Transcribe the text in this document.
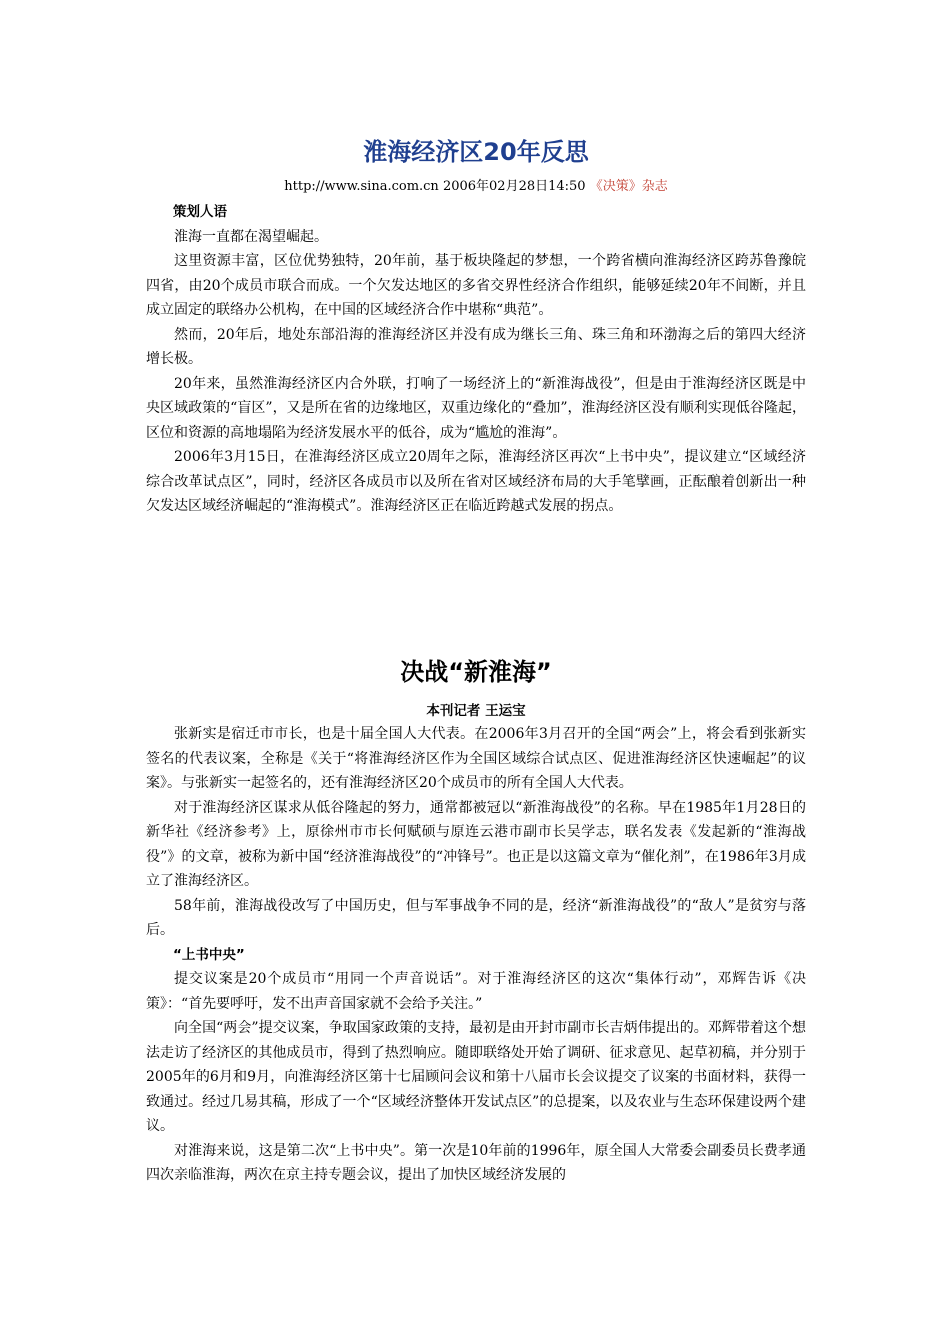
淮海经济区20年反思
http://www.sina.com.cn 2006年02月28日14:50 《决策》杂志

策划人语

淮海一直都在渴望崛起。

这里资源丰富，区位优势独特，20年前，基于板块隆起的梦想，一个跨省横向淮海经济区跨苏鲁豫皖四省，由20个成员市联合而成。一个欠发达地区的多省交界性经济合作组织，能够延续20年不间断，并且成立固定的联络办公机构，在中国的区域经济合作中堪称“典范”。

然而，20年后，地处东部沿海的淮海经济区并没有成为继长三角、珠三角和环渤海之后的第四大经济增长极。

20年来，虽然淮海经济区内合外联，打响了一场经济上的“新淮海战役”，但是由于淮海经济区既是中央区域政策的“盲区”，又是所在省的边缘地区，双重边缘化的“叠加”，淮海经济区没有顺利实现低谷隆起，区位和资源的高地塌陷为经济发展水平的低谷，成为“尴尬的淮海”。

2006年3月15日，在淮海经济区成立20周年之际，淮海经济区再次“上书中央”，提议建立“区域经济综合改革试点区”，同时，经济区各成员市以及所在省对区域经济布局的大手笔擘画，正酝酿着创新出一种欠发达区域经济崛起的“淮海模式”。淮海经济区正在临近跨越式发展的拐点。

决战“新淮海”
本刊记者 王运宝

张新实是宿迁市市长，也是十届全国人大代表。在2006年3月召开的全国“两会”上，将会看到张新实签名的代表议案，全称是《关于“将淮海经济区作为全国区域综合试点区、促进淮海经济区快速崛起”的议案》。与张新实一起签名的，还有淮海经济区20个成员市的所有全国人大代表。

对于淮海经济区谋求从低谷隆起的努力，通常都被冠以“新淮海战役”的名称。早在1985年1月28日的新华社《经济参考》上，原徐州市市长何赋硕与原连云港市副市长吴学志，联名发表《发起新的“淮海战役”》的文章，被称为新中国“经济淮海战役”的“冲锋号”。也正是以这篇文章为“催化剂”，在1986年3月成立了淮海经济区。

58年前，淮海战役改写了中国历史，但与军事战争不同的是，经济“新淮海战役”的“敌人”是贫穷与落后。

“上书中央”

提交议案是20个成员市“用同一个声音说话”。对于淮海经济区的这次“集体行动”，邓辉告诉《决策》：“首先要呼吁，发不出声音国家就不会给予关注。”

向全国“两会”提交议案，争取国家政策的支持，最初是由开封市副市长吉炳伟提出的。邓辉带着这个想法走访了经济区的其他成员市，得到了热烈响应。随即联络处开始了调研、征求意见、起草初稿，并分别于2005年的6月和9月，向淮海经济区第十七届顾问会议和第十八届市长会议提交了议案的书面材料，获得一致通过。经过几易其稿，形成了一个“区域经济整体开发试点区”的总提案，以及农业与生态环保建设两个建议。

对淮海来说，这是第二次“上书中央”。第一次是10年前的1996年，原全国人大常委会副委员长费孝通四次亲临淮海，两次在京主持专题会议，提出了加快区域经济发展的
